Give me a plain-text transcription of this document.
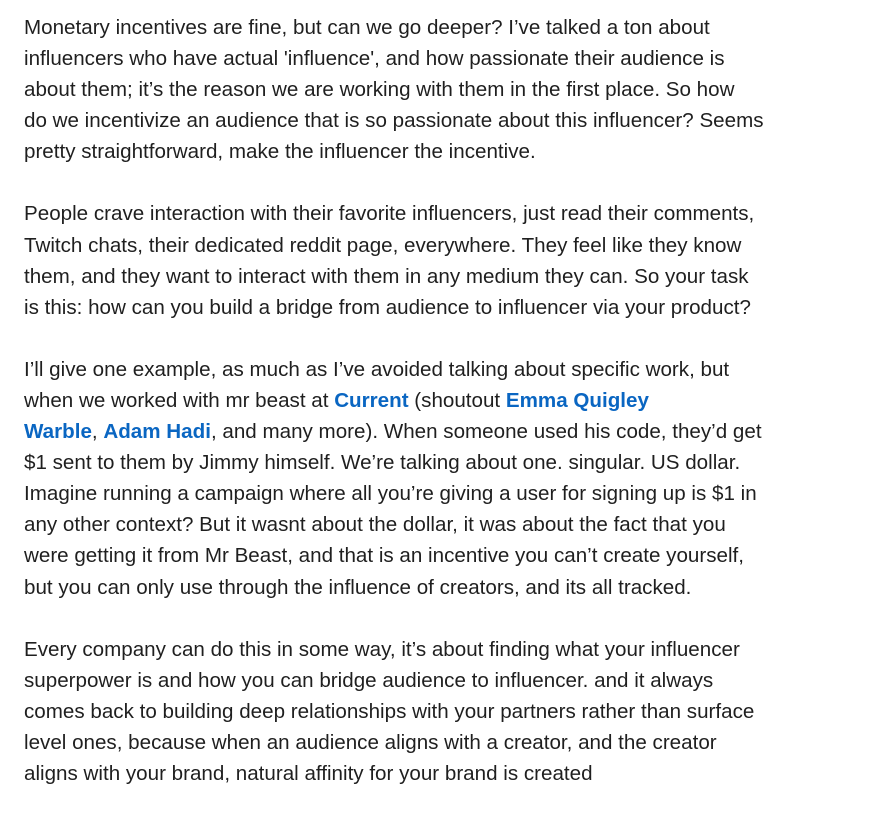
Monetary incentives are fine, but can we go deeper? I’ve talked a ton about
influencers who have actual 'influence', and how passionate their audience is
about them; it’s the reason we are working with them in the first place. So how
do we incentivize an audience that is so passionate about this influencer? Seems
pretty straightforward, make the influencer the incentive.

People crave interaction with their favorite influencers, just read their comments,
Twitch chats, their dedicated reddit page, everywhere. They feel like they know
them, and they want to interact with them in any medium they can. So your task
is this: how can you build a bridge from audience to influencer via your product?

I’ll give one example, as much as I’ve avoided talking about specific work, but
when we worked with mr beast at Current (shoutout Emma Quigley
Warble, Adam Hadi, and many more). When someone used his code, they’d get
$1 sent to them by Jimmy himself. We’re talking about one. singular. US dollar.
Imagine running a campaign where all you’re giving a user for signing up is $1 in
any other context? But it wasnt about the dollar, it was about the fact that you
were getting it from Mr Beast, and that is an incentive you can’t create yourself,
but you can only use through the influence of creators, and its all tracked.

Every company can do this in some way, it’s about finding what your influencer
superpower is and how you can bridge audience to influencer. and it always
comes back to building deep relationships with your partners rather than surface
level ones, because when an audience aligns with a creator, and the creator
aligns with your brand, natural affinity for your brand is created
